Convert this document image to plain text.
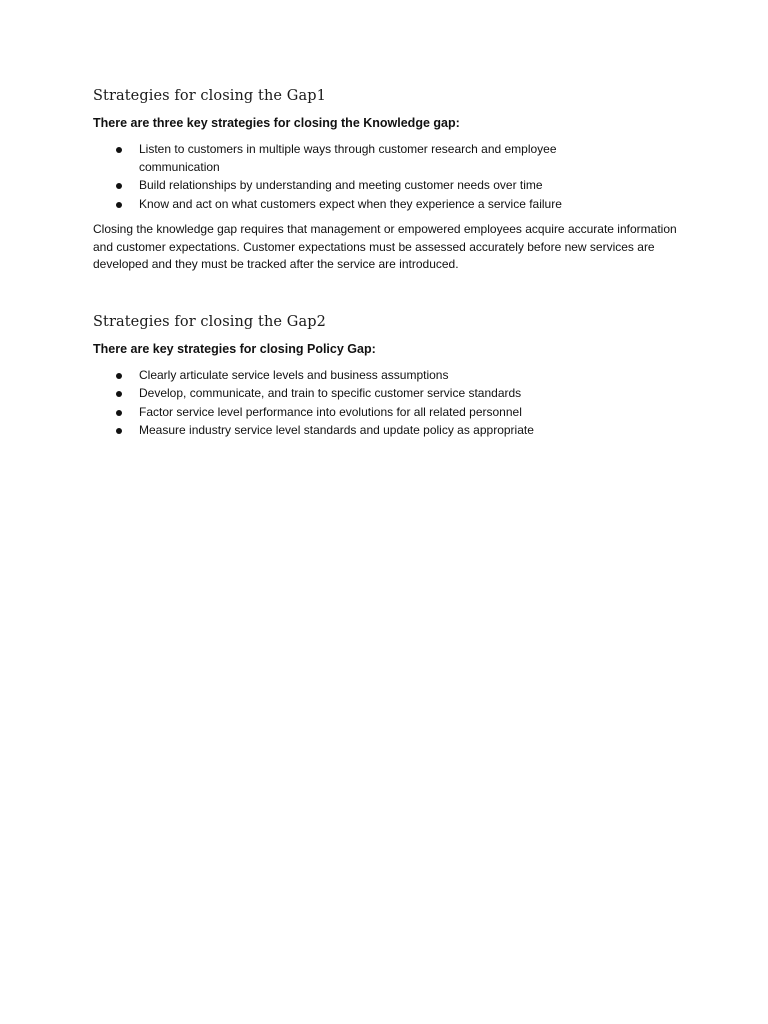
Strategies for closing the Gap1

There are three key strategies for closing the Knowledge gap:

Listen to customers in multiple ways through customer research and employee communication
Build relationships by understanding and meeting customer needs over time
Know and act on what customers expect when they experience a service failure

Closing the knowledge gap requires that management or empowered employees acquire accurate information and customer expectations. Customer expectations must be assessed accurately before new services are developed and they must be tracked after the service are introduced.

Strategies for closing the Gap2

There are key strategies for closing Policy Gap:

Clearly articulate service levels and business assumptions
Develop, communicate, and train to specific customer service standards
Factor service level performance into evolutions for all related personnel
Measure industry service level standards and update policy as appropriate
